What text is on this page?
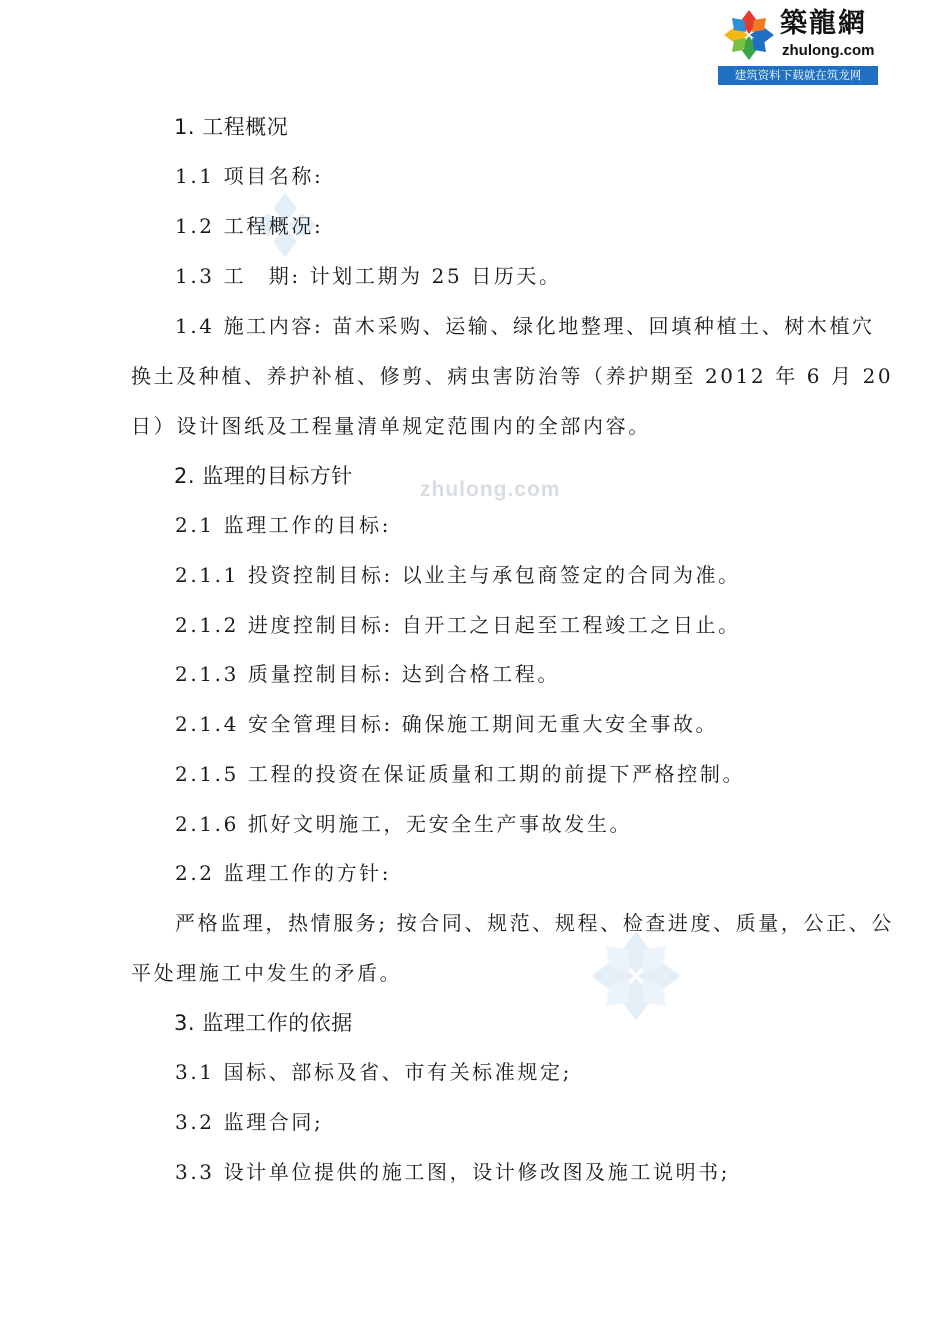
築龍網
zhulong.com
建筑资料下载就在筑龙网
zhulong.com
1. 工程概况
1.1 项目名称:
1.2 工程概况:
1.3 工　期: 计划工期为 25 日历天。
1.4 施工内容: 苗木采购、运输、绿化地整理、回填种植土、树木植穴
换土及种植、养护补植、修剪、病虫害防治等（养护期至 2012 年 6 月 20
日）设计图纸及工程量清单规定范围内的全部内容。
2. 监理的目标方针
2.1 监理工作的目标:
2.1.1 投资控制目标: 以业主与承包商签定的合同为准。
2.1.2 进度控制目标: 自开工之日起至工程竣工之日止。
2.1.3 质量控制目标: 达到合格工程。
2.1.4 安全管理目标: 确保施工期间无重大安全事故。
2.1.5 工程的投资在保证质量和工期的前提下严格控制。
2.1.6 抓好文明施工，无安全生产事故发生。
2.2 监理工作的方针:
严格监理，热情服务; 按合同、规范、规程、检查进度、质量，公正、公
平处理施工中发生的矛盾。
3. 监理工作的依据
3.1 国标、部标及省、市有关标准规定;
3.2 监理合同;
3.3 设计单位提供的施工图，设计修改图及施工说明书;
